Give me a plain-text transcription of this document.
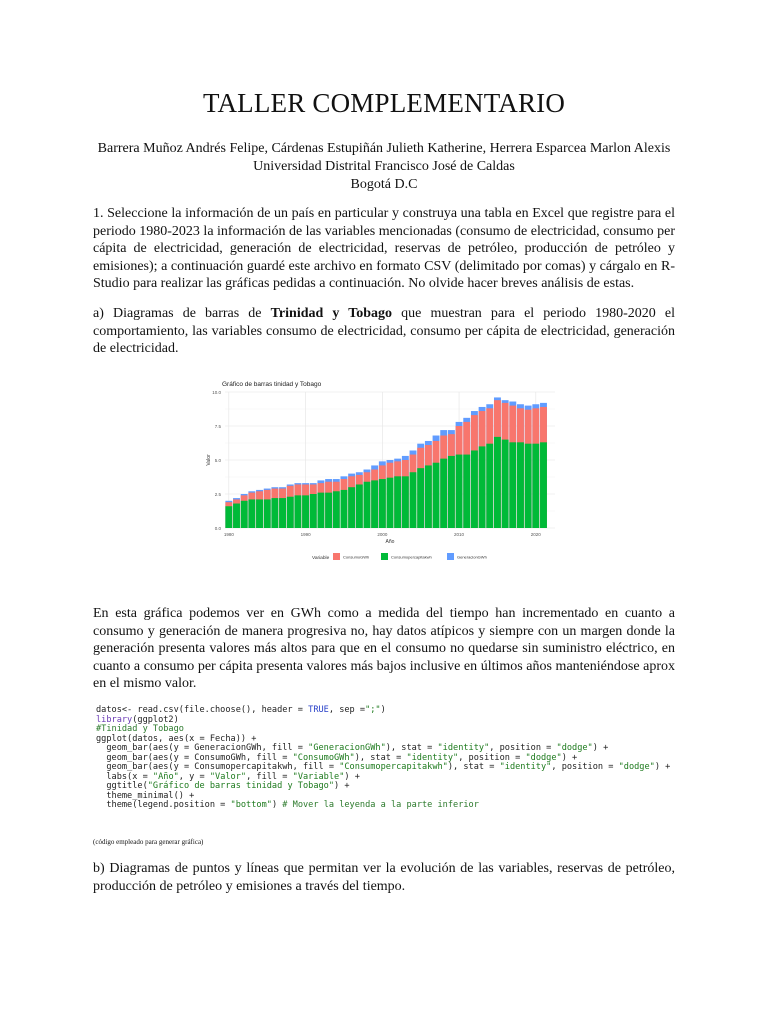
TALLER COMPLEMENTARIO
Barrera Muñoz Andrés Felipe, Cárdenas Estupiñán Julieth Katherine, Herrera Esparcea Marlon Alexis
Universidad Distrital Francisco José de Caldas
Bogotá D.C

1. Seleccione la información de un país en particular y construya una tabla en Excel que registre para el periodo 1980-2023 la información de las variables mencionadas (consumo de electricidad, consumo per cápita de electricidad, generación de electricidad, reservas de petróleo, producción de petróleo y emisiones); a continuación guardé este archivo en formato CSV (delimitado por comas) y cárgalo en R-Studio para realizar las gráficas pedidas a continuación. No olvide hacer breves análisis de estas.

a) Diagramas de barras de Trinidad y Tobago que muestran para el periodo 1980-2020 el comportamiento, las variables consumo de electricidad, consumo per cápita de electricidad, generación de electricidad.

En esta gráfica podemos ver en GWh como a medida del tiempo han incrementado en cuanto a consumo y generación de manera progresiva no, hay datos atípicos y siempre con un margen donde la generación presenta valores más altos para que en el consumo no quedarse sin suministro eléctrico, en cuanto a consumo per cápita presenta valores más bajos inclusive en últimos años manteniéndose aprox en el mismo valor.

b) Diagramas de puntos y líneas que permitan ver la evolución de las variables, reservas de petróleo, producción de petróleo y emisiones a través del tiempo.

Gráfico de barras tinidad y Tobago
0.0
2.5
5.0
7.5
10.0
1980	1990	2000	2010	2020
Año
Valor
Variable	ConsumoGWh	Consumopercapitakwh	GeneracionGWh
datos<- read.csv(file.choose(), header = TRUE, sep =";")
library(ggplot2)
#Tinidad y Tobago
ggplot(datos, aes(x = Fecha)) +
geom_bar(aes(y = GeneracionGWh, fill = "GeneracionGWh"), stat = "identity", position = "dodge") +
geom_bar(aes(y = ConsumoGWh, fill = "ConsumoGWh"), stat = "identity", position = "dodge") +
geom_bar(aes(y = Consumopercapitakwh, fill = "Consumopercapitakwh"), stat = "identity", position = "dodge") +
labs(x = "Año", y = "Valor", fill = "Variable") +
ggtitle("Gráfico de barras tinidad y Tobago") +
theme_minimal() +
theme(legend.position = "bottom") # Mover la leyenda a la parte inferior
(código empleado para generar gráfica)
